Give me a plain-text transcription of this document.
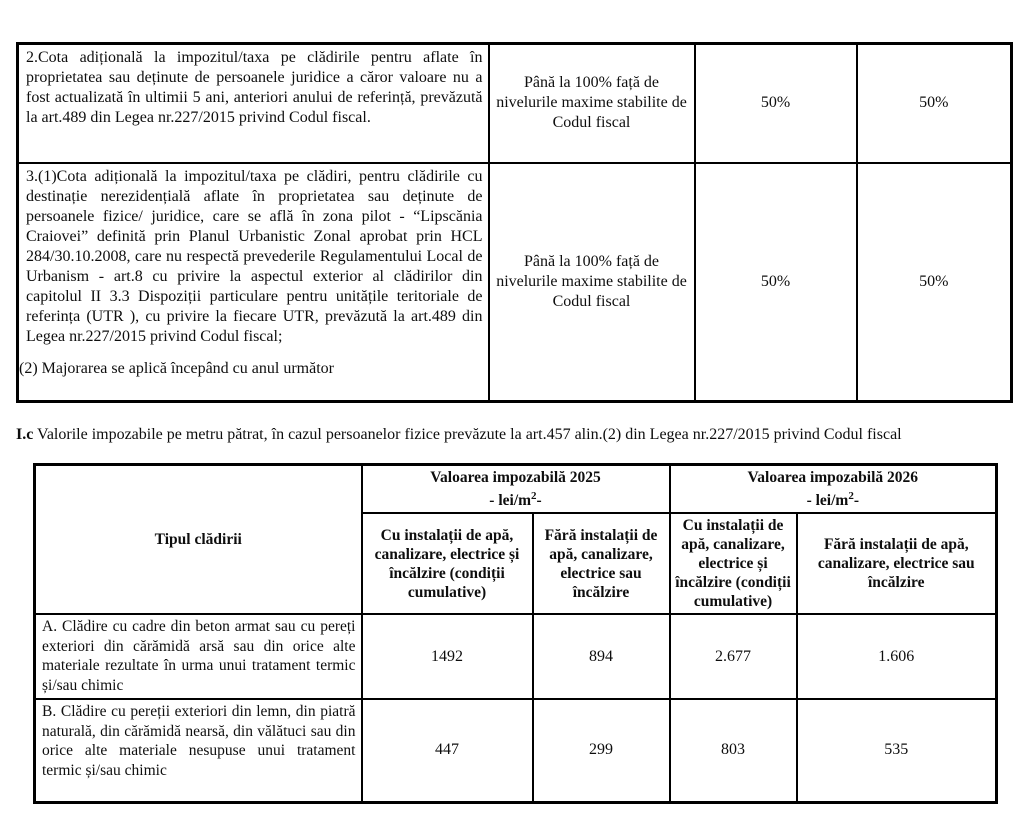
2.Cota adițională la impozitul/taxa pe clădirile pentru aflate în proprietatea sau deținute de persoanele juridice a căror valoare nu a fost actualizată în ultimii 5 ani, anteriori anului de referință, prevăzută la art.489 din Legea nr.227/2015 privind Codul fiscal.	Până la 100% față de nivelurile maxime stabilite de Codul fiscal	50%	50%

3.(1)Cota adițională la impozitul/taxa pe clădiri, pentru clădirile cu destinație nerezidențială aflate în proprietatea sau deținute de persoanele fizice/ juridice, care se află în zona pilot - “Lipscănia Craiovei” definită prin Planul Urbanistic Zonal aprobat prin HCL 284/30.10.2008, care nu respectă prevederile Regulamentului Local de Urbanism - art.8 cu privire la aspectul exterior al clădirilor din capitolul II 3.3 Dispoziții particulare pentru unitățile teritoriale de referința (UTR ), cu privire la fiecare UTR, prevăzută la art.489 din Legea nr.227/2015 privind Codul fiscal;
(2) Majorarea se aplică începând cu anul următor	Până la 100% față de nivelurile maxime stabilite de Codul fiscal	50%	50%
I.c Valorile impozabile pe metru pătrat, în cazul persoanelor fizice prevăzute la art.457 alin.(2) din Legea nr.227/2015 privind Codul fiscal
Tipul clădirii	
Valoarea impozabilă 2025
- lei/$m^2-$

Valoarea impozabilă 2026
- lei/$m^2-$

	Cu instalații de apă, canalizare, electrice și încălzire (condiții cumulative)	Fără instalații de apă, canalizare, electrice sau încălzire	Cu instalații de apă, canalizare, electrice și încălzire (condiții cumulative)	Fără instalații de apă, canalizare, electrice sau încălzire
A. Clădire cu cadre din beton armat sau cu pereți exteriori din cărămidă arsă sau din orice alte materiale rezultate în urma unui tratament termic și/sau chimic	1492	894	2.677	1.606
B. Clădire cu pereții exteriori din lemn, din piatră naturală, din cărămidă nearsă, din vălătuci sau din orice alte materiale nesupuse unui tratament termic și/sau chimic	447	299	803	535
